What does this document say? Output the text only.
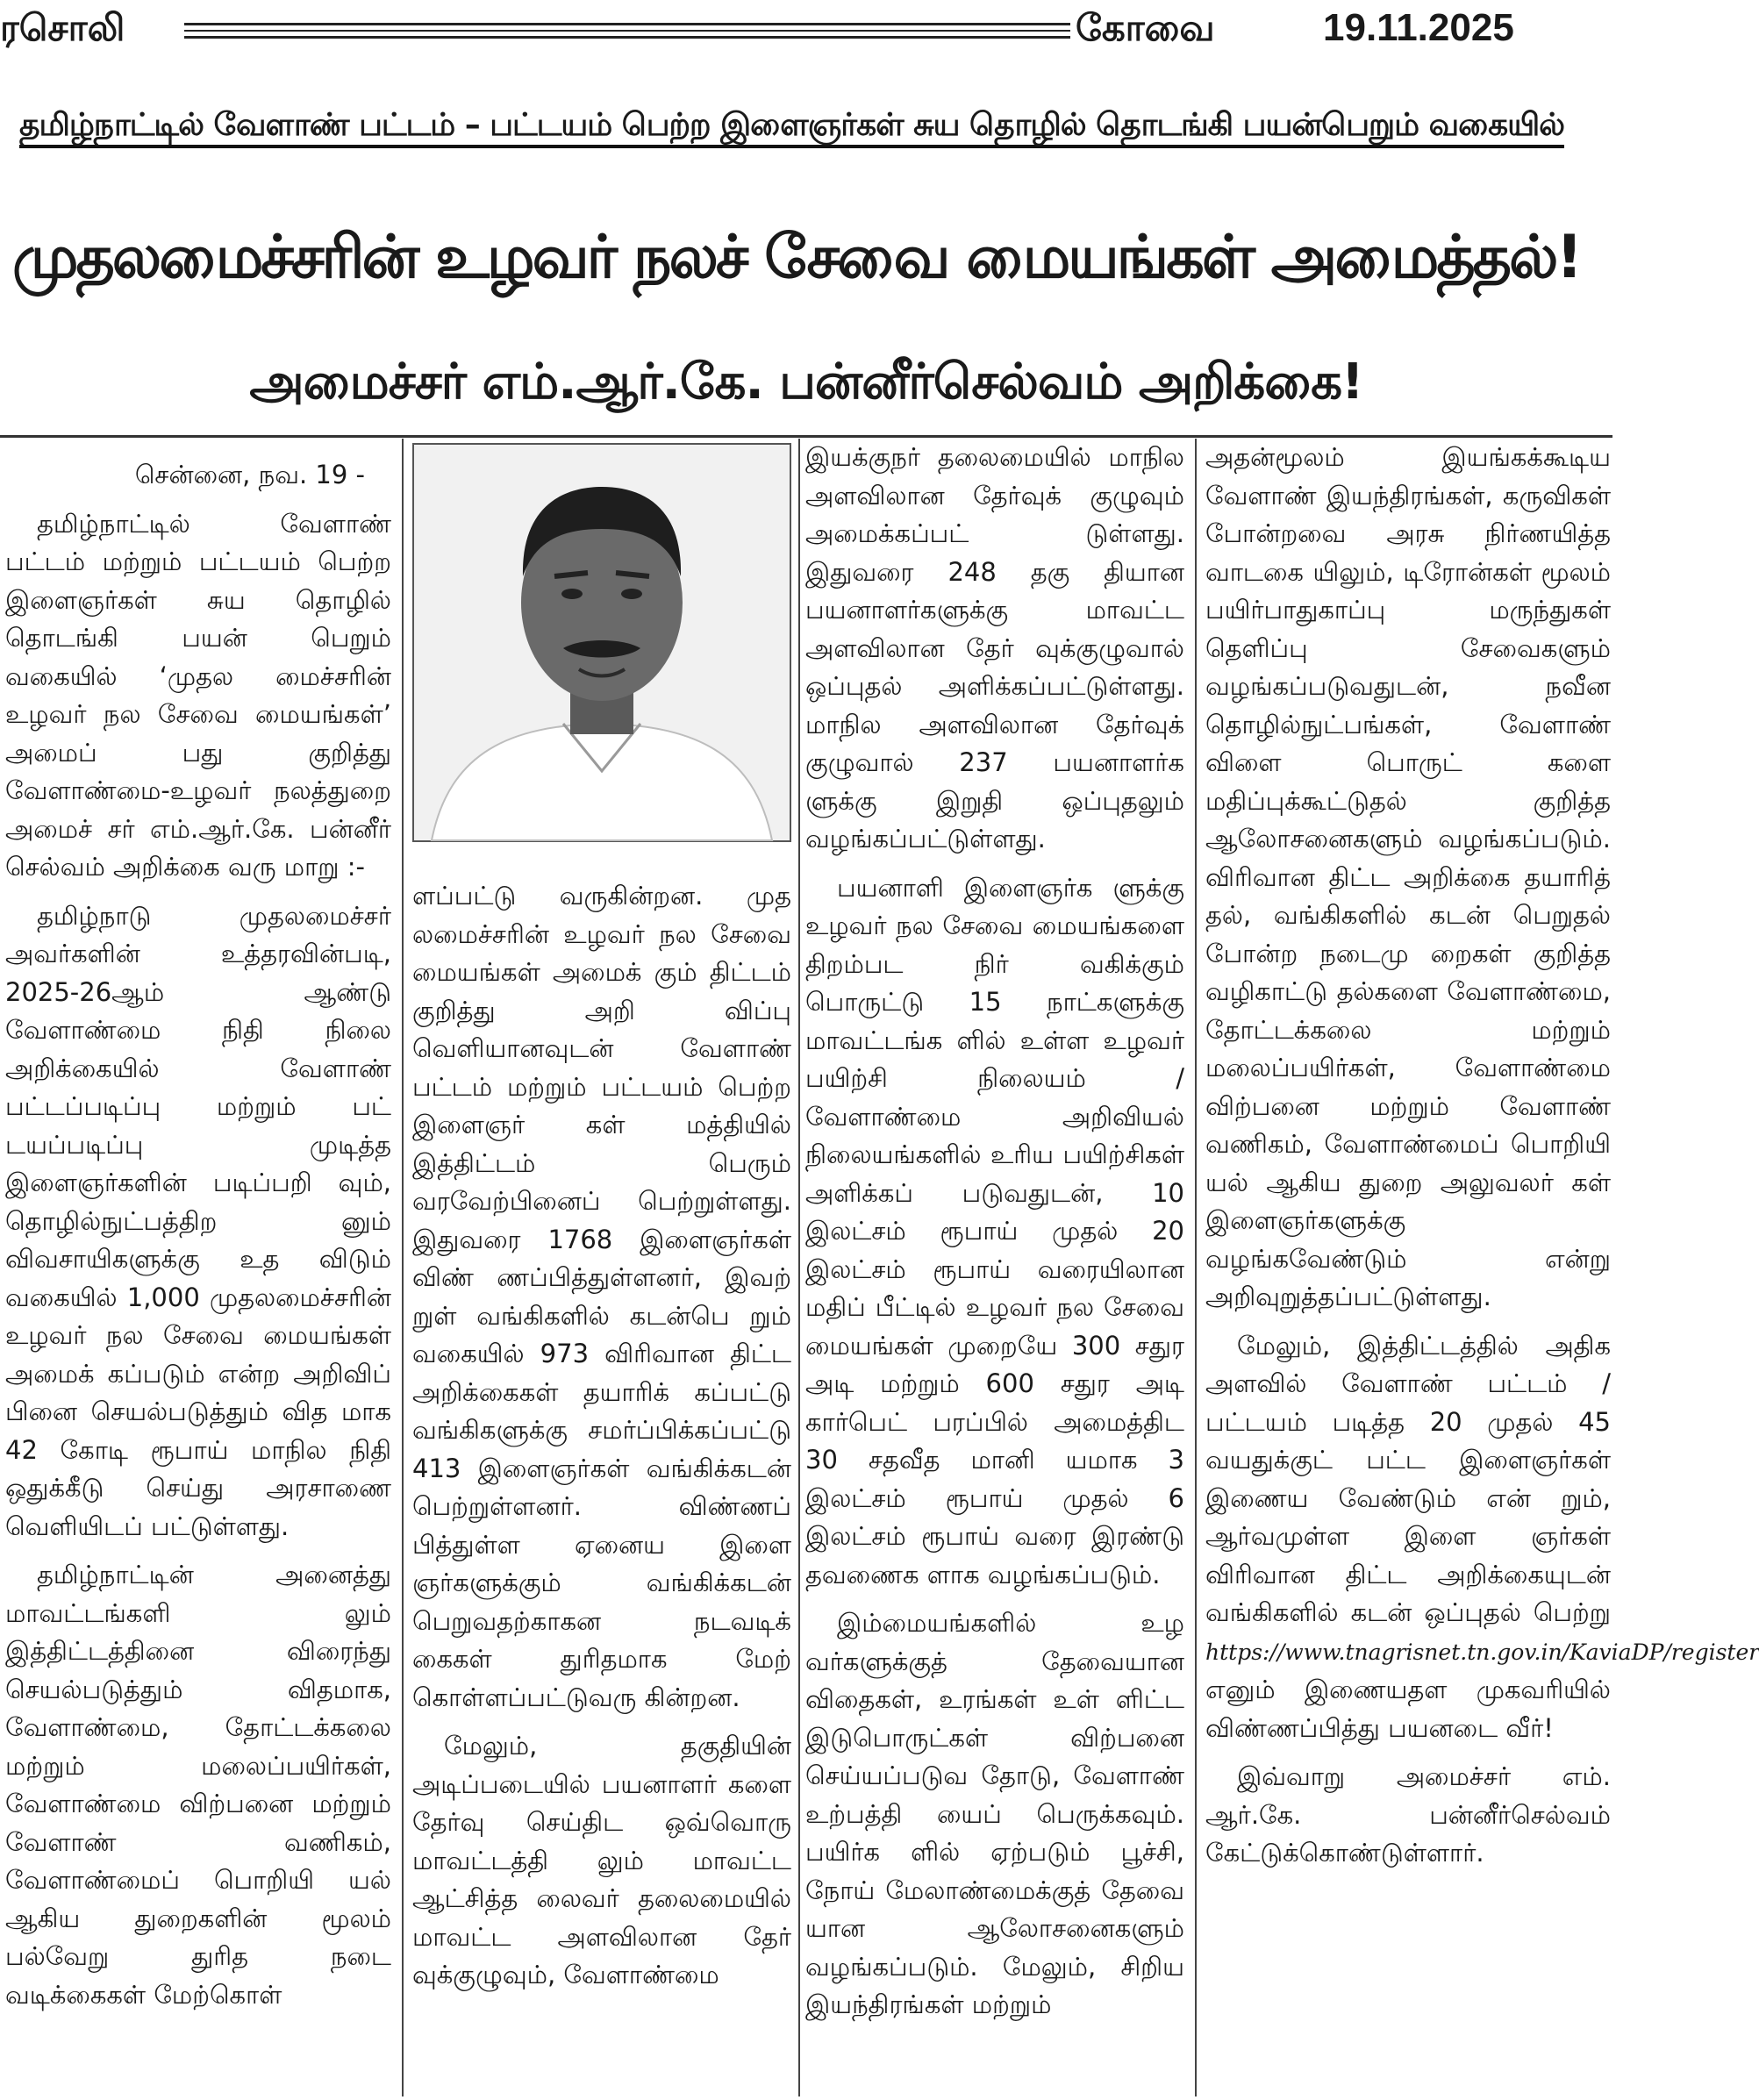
ரசொலி	கோவை	19.11.2025
தமிழ்நாட்டில் வேளாண் பட்டம் – பட்டயம் பெற்ற இளைஞர்கள் சுய தொழில் தொடங்கி பயன்பெறும் வகையில்
முதலமைச்சரின் உழவர் நலச் சேவை மையங்கள் அமைத்தல்!
அமைச்சர் எம்.ஆர்.கே. பன்னீர்செல்வம் அறிக்கை!

சென்னை, நவ. 19 -

தமிழ்நாட்டில் வேளாண் பட்டம் மற்றும் பட்டயம் பெற்ற இளைஞர்கள் சுய தொழில் தொடங்கி பயன் பெறும் வகையில் ‘முதல மைச்சரின் உழவர் நல சேவை மையங்கள்’ அமைப் பது குறித்து வேளாண்மை-உழவர் நலத்துறை அமைச் சர் எம்.ஆர்.கே. பன்னீர் செல்வம் அறிக்கை வரு மாறு :-

தமிழ்நாடு முதலமைச்சர் அவர்களின் உத்தரவின்படி, 2025-26ஆம் ஆண்டு வேளாண்மை நிதி நிலை அறிக்கையில் வேளாண் பட்டப்படிப்பு மற்றும் பட் டயப்படிப்பு முடித்த இளைஞர்களின் படிப்பறி வும், தொழில்நுட்பத்திற னும் விவசாயிகளுக்கு உத விடும் வகையில் 1,000 முதலமைச்சரின் உழவர் நல சேவை மையங்கள் அமைக் கப்படும் என்ற அறிவிப் பினை செயல்படுத்தும் வித மாக 42 கோடி ரூபாய் மாநில நிதி ஒதுக்கீடு செய்து அரசாணை வெளியிடப் பட்டுள்ளது.

தமிழ்நாட்டின் அனைத்து மாவட்டங்களி லும் இத்திட்டத்தினை விரைந்து செயல்படுத்தும் விதமாக, வேளாண்மை, தோட்டக்கலை மற்றும் மலைப்பயிர்கள், வேளாண்மை விற்பனை மற்றும் வேளாண் வணிகம், வேளாண்மைப் பொறியி யல் ஆகிய துறைகளின் மூலம் பல்வேறு துரித நடை வடிக்கைகள் மேற்கொள்

ளப்பட்டு வருகின்றன. முத லமைச்சரின் உழவர் நல சேவை மையங்கள் அமைக் கும் திட்டம் குறித்து அறி விப்பு வெளியானவுடன் வேளாண் பட்டம் மற்றும் பட்டயம் பெற்ற இளைஞர் கள் மத்தியில் இத்திட்டம் பெரும் வரவேற்பினைப் பெற்றுள்ளது. இதுவரை 1768 இளைஞர்கள் விண் ணப்பித்துள்ளனர், இவற் றுள் வங்கிகளில் கடன்பெ றும் வகையில் 973 விரிவான திட்ட அறிக்கைகள் தயாரிக் கப்பட்டு வங்கிகளுக்கு சமர்ப்பிக்கப்பட்டு 413 இளைஞர்கள் வங்கிக்கடன் பெற்றுள்ளனர். விண்ணப் பித்துள்ள ஏனைய இளை ஞர்களுக்கும் வங்கிக்கடன் பெறுவதற்காகன நடவடிக் கைகள் துரிதமாக மேற் கொள்ளப்பட்டுவரு கின்றன.

மேலும், தகுதியின் அடிப்படையில் பயனாளர் களை தேர்வு செய்திட ஒவ்வொரு மாவட்டத்தி லும் மாவட்ட ஆட்சித்த லைவர் தலைமையில் மாவட்ட அளவிலான தேர் வுக்குழுவும், வேளாண்மை

இயக்குநர் தலைமையில் மாநில அளவிலான தேர்வுக் குழுவும் அமைக்கப்பட் டுள்ளது. இதுவரை 248 தகு தியான பயனாளர்களுக்கு மாவட்ட அளவிலான தேர் வுக்குழுவால் ஒப்புதல் அளிக்கப்பட்டுள்ளது. மாநில அளவிலான தேர்வுக் குழுவால் 237 பயனாளர்க ளுக்கு இறுதி ஒப்புதலும் வழங்கப்பட்டுள்ளது.

பயனாளி இளைஞர்க ளுக்கு உழவர் நல சேவை மையங்களை திறம்பட நிர் வகிக்கும் பொருட்டு 15 நாட்களுக்கு மாவட்டங்க ளில் உள்ள உழவர் பயிற்சி நிலையம் / வேளாண்மை அறிவியல் நிலையங்களில் உரிய பயிற்சிகள் அளிக்கப் படுவதுடன், 10 இலட்சம் ரூபாய் முதல் 20 இலட்சம் ரூபாய் வரையிலான மதிப் பீட்டில் உழவர் நல சேவை மையங்கள் முறையே 300 சதுர அடி மற்றும் 600 சதுர அடி கார்பெட் பரப்பில் அமைத்திட 30 சதவீத மானி யமாக 3 இலட்சம் ரூபாய் முதல் 6 இலட்சம் ரூபாய் வரை இரண்டு தவணைக ளாக வழங்கப்படும்.

இம்மையங்களில் உழ வர்களுக்குத் தேவையான விதைகள், உரங்கள் உள் ளிட்ட இடுபொருட்கள் விற்பனை செய்யப்படுவ தோடு, வேளாண் உற்பத்தி யைப் பெருக்கவும். பயிர்க ளில் ஏற்படும் பூச்சி, நோய் மேலாண்மைக்குத் தேவை யான ஆலோசனைகளும் வழங்கப்படும். மேலும், சிறிய இயந்திரங்கள் மற்றும்

அதன்மூலம் இயங்கக்கூடிய வேளாண் இயந்திரங்கள், கருவிகள் போன்றவை அரசு நிர்ணயித்த வாடகை யிலும், டிரோன்கள் மூலம் பயிர்பாதுகாப்பு மருந்துகள் தெளிப்பு சேவைகளும் வழங்கப்படுவதுடன், நவீன தொழில்நுட்பங்கள், வேளாண் விளை பொருட் களை மதிப்புக்கூட்டுதல் குறித்த ஆலோசனைகளும் வழங்கப்படும். விரிவான திட்ட அறிக்கை தயாரித் தல், வங்கிகளில் கடன் பெறுதல் போன்ற நடைமு றைகள் குறித்த வழிகாட்டு தல்களை வேளாண்மை, தோட்டக்கலை மற்றும் மலைப்பயிர்கள், வேளாண்மை விற்பனை மற்றும் வேளாண் வணிகம், வேளாண்மைப் பொறியி யல் ஆகிய துறை அலுவலர் கள் இளைஞர்களுக்கு வழங்கவேண்டும் என்று அறிவுறுத்தப்பட்டுள்ளது.

மேலும், இத்திட்டத்தில் அதிக அளவில் வேளாண் பட்டம் / பட்டயம் படித்த 20 முதல் 45 வயதுக்குட் பட்ட இளைஞர்கள் இணைய வேண்டும் என் றும், ஆர்வமுள்ள இளை ஞர்கள் விரிவான திட்ட அறிக்கையுடன் வங்கிகளில் கடன் ஒப்புதல் பெற்று https://www.tnagrisnet.tn.gov.in/KaviaDP/register எனும் இணையதள முகவரியில் விண்ணப்பித்து பயனடை வீர்!

இவ்வாறு அமைச்சர் எம். ஆர்.கே. பன்னீர்செல்வம் கேட்டுக்கொண்டுள்ளார்.
